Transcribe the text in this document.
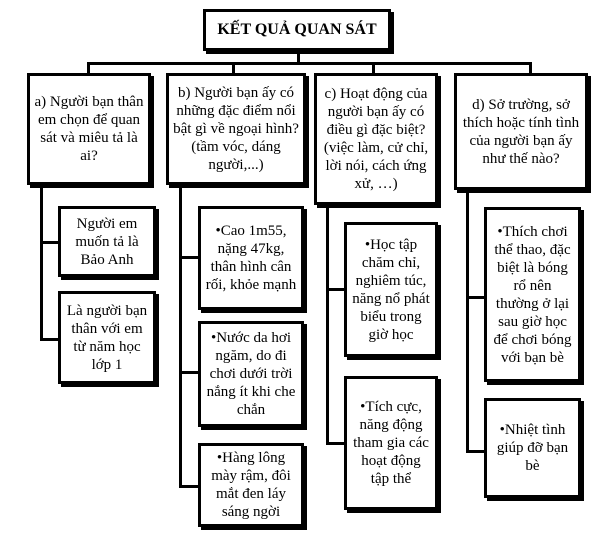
KẾT QUẢ QUAN SÁT
a) Người bạn thân em chọn để quan sát và miêu tả là ai?
Người em muốn tả là Bảo Anh
Là người bạn thân với em từ năm học lớp 1
b) Người bạn ấy có những đặc điểm nổi bật gì về ngoại hình? (tầm vóc, dáng người,...)
•Cao 1m55, nặng 47kg, thân hình cân rối, khỏe mạnh
•Nước da hơi ngăm, do đi chơi dưới trời nắng ít khi che chắn
•Hàng lông mày rậm, đôi mắt đen láy sáng ngời
c) Hoạt động của người bạn ấy có điều gì đặc biệt? (việc làm, cử chỉ, lời nói, cách ứng xử, …)
•Học tập chăm chỉ, nghiêm túc, năng nổ phát biểu trong giờ học
•Tích cực, năng động tham gia các hoạt động tập thể
d) Sở trường, sở thích hoặc tính tình của người bạn ấy như thế nào?
•Thích chơi thể thao, đặc biệt là bóng rổ nên thường ở lại sau giờ học để chơi bóng với bạn bè
•Nhiệt tình giúp đỡ bạn bè
